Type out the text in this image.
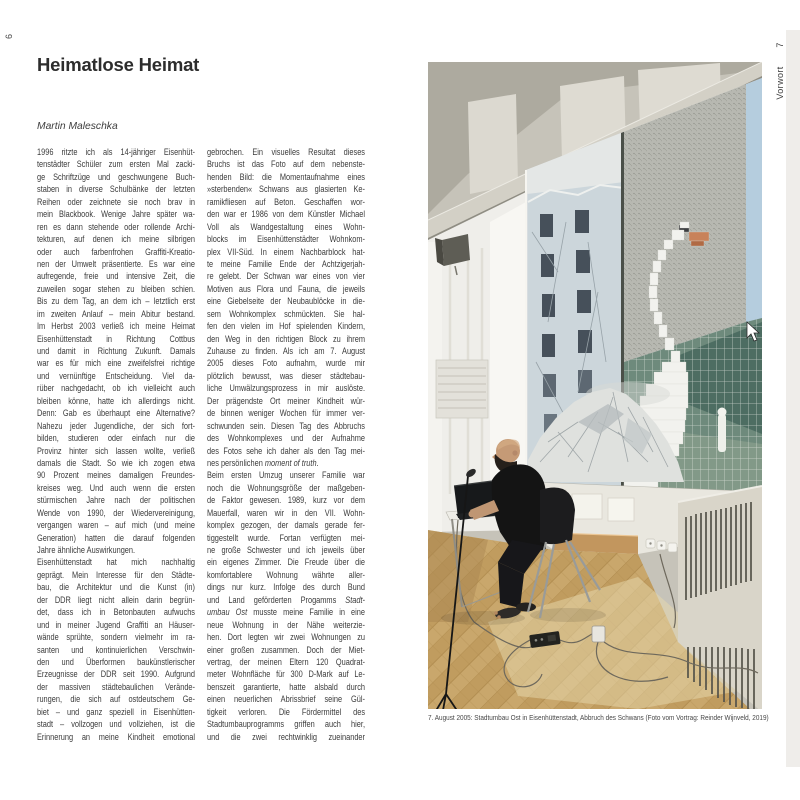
6
Heimatlose Heimat
Martin Maleschka
1996 ritzte ich als 14-jähriger Eisenhüt-
tenstädter Schüler zum ersten Mal zacki-
ge Schriftzüge und geschwungene Buch-
staben in diverse Schulbänke der letzten
Reihen oder zeichnete sie noch brav in
mein Blackbook. Wenige Jahre später wa-
ren es dann stehende oder rollende Archi-
tekturen, auf denen ich meine silbrigen
oder auch farbenfrohen Graffiti-Kreatio-
nen der Umwelt präsentierte. Es war eine
aufregende, freie und intensive Zeit, die
zuweilen sogar stehen zu bleiben schien.
Bis zu dem Tag, an dem ich – letztlich erst
im zweiten Anlauf – mein Abitur bestand.
Im Herbst 2003 verließ ich meine Heimat
Eisenhüttenstadt in Richtung Cottbus
und damit in Richtung Zukunft. Damals
war es für mich eine zweifelsfrei richtige
und vernünftige Entscheidung. Viel da-
rüber nachgedacht, ob ich vielleicht auch
bleiben könne, hatte ich allerdings nicht.
Denn: Gab es überhaupt eine Alternative?
Nahezu jeder Jugendliche, der sich fort-
bilden, studieren oder einfach nur die
Provinz hinter sich lassen wollte, verließ
damals die Stadt. So wie ich zogen etwa
90 Prozent meines damaligen Freundes-
kreises weg. Und auch wenn die ersten
stürmischen Jahre nach der politischen
Wende von 1990, der Wiedervereinigung,
vergangen waren – auf mich (und meine
Generation) hatten die darauf folgenden
Jahre ähnliche Auswirkungen.
Eisenhüttenstadt hat mich nachhaltig
geprägt. Mein Interesse für den Städte-
bau, die Architektur und die Kunst (in)
der DDR liegt nicht allein darin begrün-
det, dass ich in Betonbauten aufwuchs
und in meiner Jugend Graffiti an Häuser-
wände sprühte, sondern vielmehr im ra-
santen und kontinuierlichen Verschwin-
den und Überformen baukünstlerischer
Erzeugnisse der DDR seit 1990. Aufgrund
der massiven städtebaulichen Verände-
rungen, die sich auf ostdeutschem Ge-
biet – und ganz speziell in Eisenhütten-
stadt – vollzogen und vollziehen, ist die
Erinnerung an meine Kindheit emotional
gebrochen. Ein visuelles Resultat dieses
Bruchs ist das Foto auf dem nebenste-
henden Bild: die Momentaufnahme eines
»sterbenden« Schwans aus glasierten Ke-
ramikfliesen auf Beton. Geschaffen wor-
den war er 1986 von dem Künstler Michael
Voll als Wandgestaltung eines Wohn-
blocks im Eisenhüttenstädter Wohnkom-
plex VII-Süd. In einem Nachbarblock hat-
te meine Familie Ende der Achtzigerjah-
re gelebt. Der Schwan war eines von vier
Motiven aus Flora und Fauna, die jeweils
eine Giebelseite der Neubaublöcke in die-
sem Wohnkomplex schmückten. Sie hal-
fen den vielen im Hof spielenden Kindern,
den Weg in den richtigen Block zu ihrem
Zuhause zu finden. Als ich am 7. August
2005 dieses Foto aufnahm, wurde mir
plötzlich bewusst, was dieser städtebau-
liche Umwälzungsprozess in mir auslöste.
Der prägendste Ort meiner Kindheit wür-
de binnen weniger Wochen für immer ver-
schwunden sein. Diesen Tag des Abbruchs
des Wohnkomplexes und der Aufnahme
des Fotos sehe ich daher als den Tag mei-
nes persönlichen moment of truth.
Beim ersten Umzug unserer Familie war
noch die Wohnungsgröße der maßgeben-
de Faktor gewesen. 1989, kurz vor dem
Mauerfall, waren wir in den VII. Wohn-
komplex gezogen, der damals gerade fer-
tiggestellt wurde. Fortan verfügten mei-
ne große Schwester und ich jeweils über
ein eigenes Zimmer. Die Freude über die
komfortablere Wohnung währte aller-
dings nur kurz. Infolge des durch Bund
und Land geförderten Progamms Stadt-
umbau Ost musste meine Familie in eine
neue Wohnung in der Nähe weiterzie-
hen. Dort legten wir zwei Wohnungen zu
einer großen zusammen. Doch der Miet-
vertrag, der meinen Eltern 120 Quadrat-
meter Wohnfläche für 300 D-Mark auf Le-
benszeit garantierte, hatte alsbald durch
einen neuerlichen Abrissbrief seine Gül-
tigkeit verloren. Die Fördermittel des
Stadtumbauprogramms griffen auch hier,
und die zwei rechtwinklig zueinander
7. August 2005: Stadtumbau Ost in Eisenhüttenstadt, Abbruch des Schwans (Foto vom Vortrag: Reinder Wijnveld, 2019)
Vorwort 7
